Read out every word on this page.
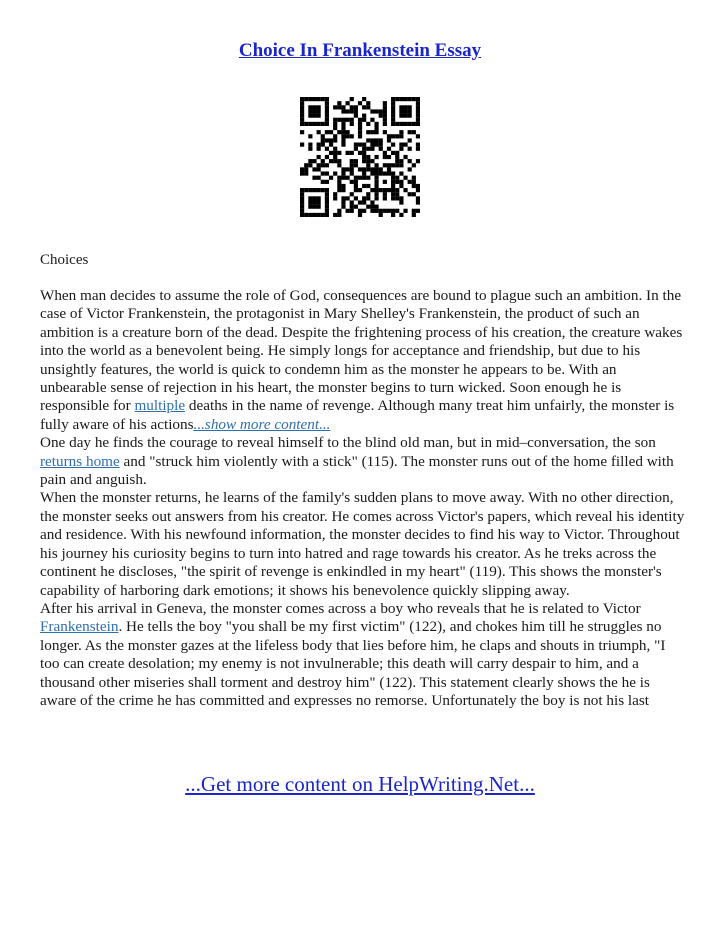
Choice In Frankenstein Essay
Choices

When man decides to assume the role of God, consequences are bound to plague such an ambition. In the case of Victor Frankenstein, the protagonist in Mary Shelley's Frankenstein, the product of such an ambition is a creature born of the dead. Despite the frightening process of his creation, the creature wakes into the world as a benevolent being. He simply longs for acceptance and friendship, but due to his unsightly features, the world is quick to condemn him as the monster he appears to be. With an unbearable sense of rejection in his heart, the monster begins to turn wicked. Soon enough he is responsible for multiple deaths in the name of revenge. Although many treat him unfairly, the monster is fully aware of his actions...show more content...

One day he finds the courage to reveal himself to the blind old man, but in mid–conversation, the son returns home and "struck him violently with a stick" (115). The monster runs out of the home filled with pain and anguish.

When the monster returns, he learns of the family's sudden plans to move away. With no other direction, the monster seeks out answers from his creator. He comes across Victor's papers, which reveal his identity and residence. With his newfound information, the monster decides to find his way to Victor. Throughout his journey his curiosity begins to turn into hatred and rage towards his creator. As he treks across the continent he discloses, "the spirit of revenge is enkindled in my heart" (119). This shows the monster's capability of harboring dark emotions; it shows his benevolence quickly slipping away.

After his arrival in Geneva, the monster comes across a boy who reveals that he is related to Victor Frankenstein. He tells the boy "you shall be my first victim" (122), and chokes him till he struggles no longer. As the monster gazes at the lifeless body that lies before him, he claps and shouts in triumph, "I too can create desolation; my enemy is not invulnerable; this death will carry despair to him, and a thousand other miseries shall torment and destroy him" (122). This statement clearly shows the he is aware of the crime he has committed and expresses no remorse. Unfortunately the boy is not his last

...Get more content on HelpWriting.Net...
